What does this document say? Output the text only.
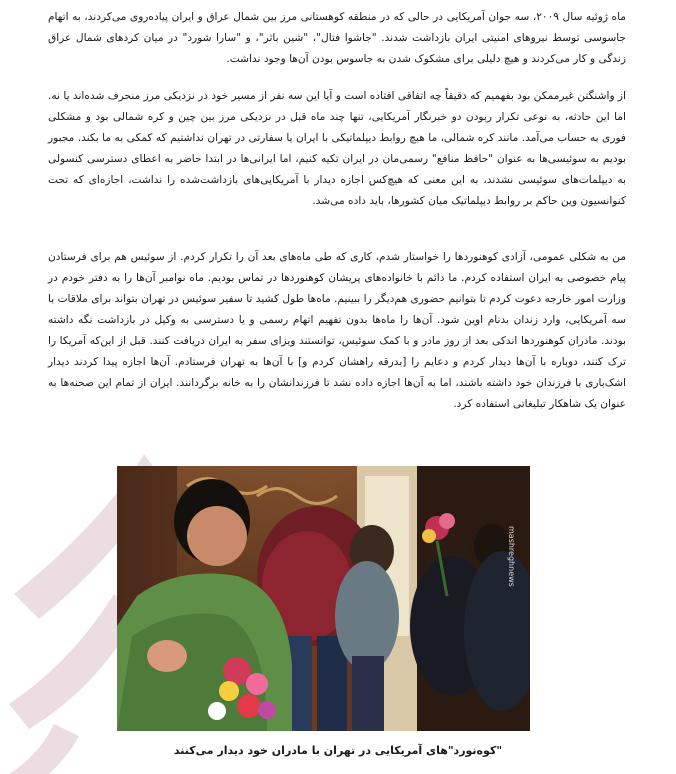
ماه ژوئیه سال ۲۰۰۹، سه جوان آمریکایی در حالی که در منطقه کوهستانی مرز بین شمال عراق و ایران پیاده‌روی می‌کردند، به اتهام جاسوسی توسط نیروهای امنیتی ایران بازداشت شدند. "جاشوا فتال"، "شین باثر"، و "سارا شورد" در میان کردهای شمال عراق زندگی و کار می‌کردند و هیچ دلیلی برای مشکوک شدن به جاسوس بودن آن‌ها وجود نداشت.
از واشنگتن غیرممکن بود بفهمیم که دقیقاً چه اتفاقی افتاده است و آیا این سه نفر از مسیر خود در نزدیکی مرز منحرف شده‌اند یا نه. اما این حادثه، به نوعی تکرار ربودن دو خبرنگار آمریکایی، تنها چند ماه قبل در نزدیکی مرز بین چین و کره شمالی بود و مشکلی فوری به حساب می‌آمد. مانند کره شمالی، ما هیچ روابط دیپلماتیکی با ایران یا سفارتی در تهران نداشتیم که کمکی به ما بکند. مجبور بودیم به سوئیسی‌ها به عنوان "حافظ منافع" رسمی‌مان در ایران تکیه کنیم، اما ایرانی‌ها در ابتدا حاضر به اعطای دسترسی کنسولی به دیپلمات‌های سوئیسی نشدند، به این معنی که هیچ‌کس اجازه دیدار با آمریکایی‌های بازداشت‌شده را نداشت، اجازه‌ای که تحت کنوانسیون وین حاکم بر روابط دیپلماتیک میان کشورها، باید داده می‌شد.
من به شکلی عمومی، آزادی کوهنوردها را خواستار شدم، کاری که طی ماه‌های بعد آن را تکرار کردم. از سوئیس هم برای فرستادن پیام خصوصی به ایران استفاده کردم. ما دائم با خانواده‌های پریشان کوهنوردها در تماس بودیم. ماه نوامبر آن‌ها را به دفتر خودم در وزارت امور خارجه دعوت کردم تا بتوانیم حضوری هم‌دیگر را ببینیم. ماه‌ها طول کشید تا سفیر سوئیس در تهران بتواند برای ملاقات با سه آمریکایی، وارد زندان بدنام اوین شود. آن‌ها را ماه‌ها بدون تفهیم اتهام رسمی و یا دسترسی به وکیل در بازداشت نگه داشته بودند. مادران کوهنوردها اندکی بعد از روز مادر و با کمک سوئیس، توانستند ویزای سفر به ایران دریافت کنند. قبل از این‌که آمریکا را ترک کنند، دوباره با آن‌ها دیدار کردم و دعایم را [بدرقه راهشان کردم و] با آن‌ها به تهران فرستادم. آن‌ها اجازه پیدا کردند دیدار اشک‌باری با فرزندان خود داشته باشند، اما به آن‌ها اجازه داده نشد تا فرزندانشان را به خانه برگردانند. ایران از تمام این صحنه‌ها به عنوان یک شاهکار تبلیغاتی استفاده کرد.
mashreghnews
"کوه‌نورد"های آمریکایی در تهران با مادران خود دیدار می‌کنند
